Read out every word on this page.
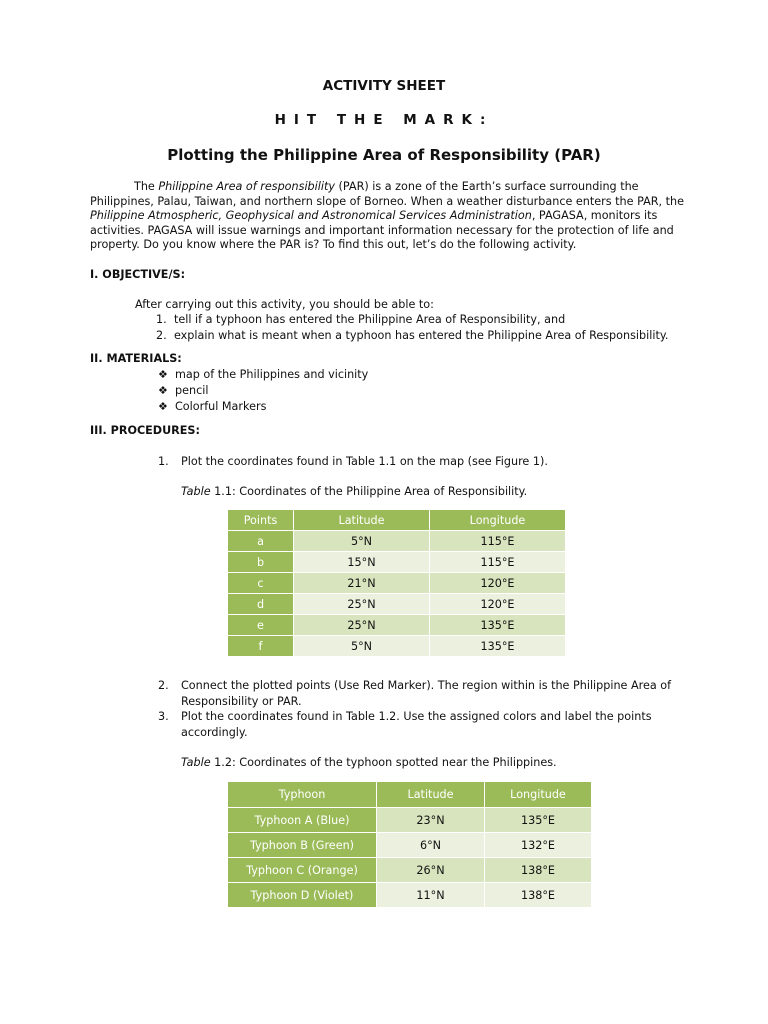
ACTIVITY SHEET
HIT THE MARK:
Plotting the Philippine Area of Responsibility (PAR)
The Philippine Area of responsibility (PAR) is a zone of the Earth’s surface surrounding the Philippines, Palau, Taiwan, and northern slope of Borneo. When a weather disturbance enters the PAR, the Philippine Atmospheric, Geophysical and Astronomical Services Administration, PAGASA, monitors its activities. PAGASA will issue warnings and important information necessary for the protection of life and property. Do you know where the PAR is? To find this out, let’s do the following activity.
I. OBJECTIVE/S:
After carrying out this activity, you should be able to:
1. tell if a typhoon has entered the Philippine Area of Responsibility, and
2. explain what is meant when a typhoon has entered the Philippine Area of Responsibility.
II. MATERIALS:
❖ map of the Philippines and vicinity
❖ pencil
❖ Colorful Markers
III. PROCEDURES:
1. Plot the coordinates found in Table 1.1 on the map (see Figure 1).
Table 1.1: Coordinates of the Philippine Area of Responsibility.
Points	Latitude	Longitude
a	5°N	115°E
b	15°N	115°E
c	21°N	120°E
d	25°N	120°E
e	25°N	135°E
f	5°N	135°E
2. Connect the plotted points (Use Red Marker). The region within is the Philippine Area of Responsibility or PAR.
3. Plot the coordinates found in Table 1.2. Use the assigned colors and label the points accordingly.
Table 1.2: Coordinates of the typhoon spotted near the Philippines.
Typhoon	Latitude	Longitude
Typhoon A (Blue)	23°N	135°E
Typhoon B (Green)	6°N	132°E
Typhoon C (Orange)	26°N	138°E
Typhoon D (Violet)	11°N	138°E
